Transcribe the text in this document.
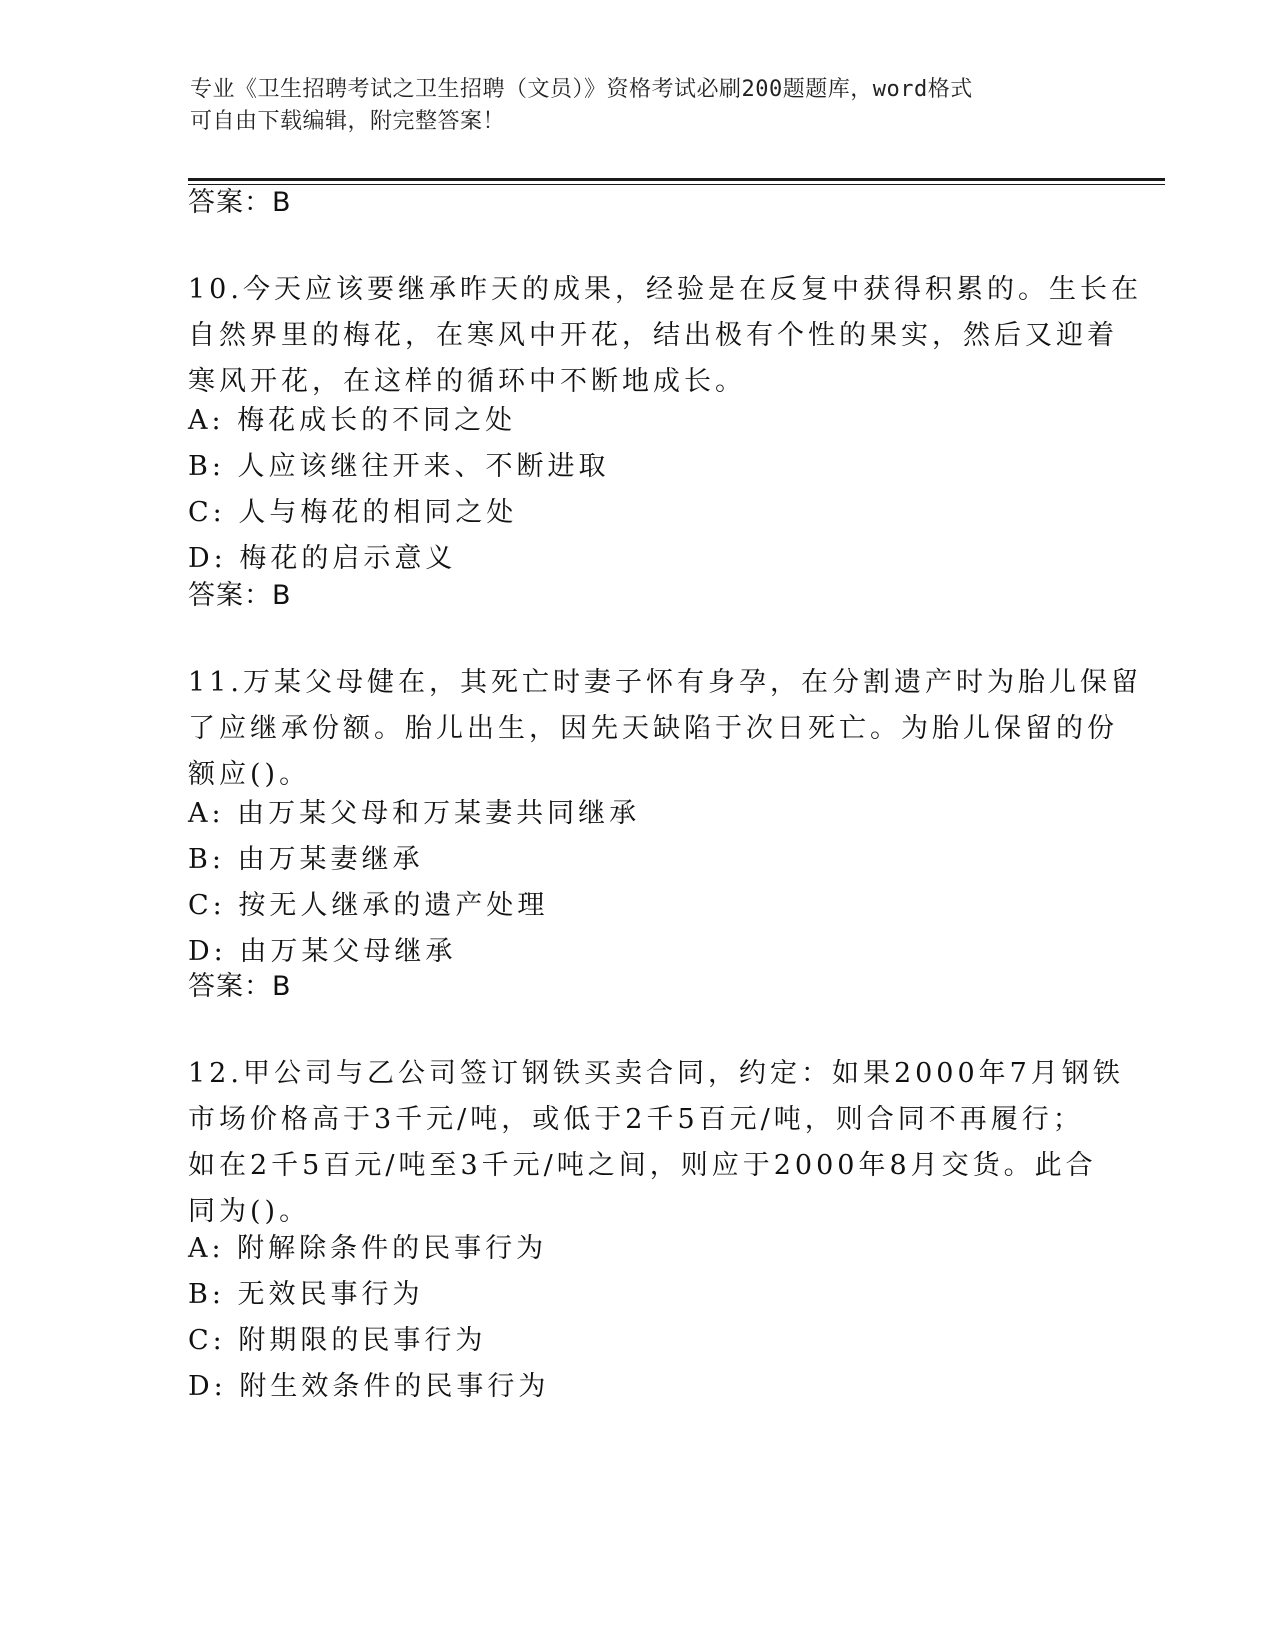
专业《卫生招聘考试之卫生招聘（文员）》资格考试必刷200题题库，word格式
可自由下载编辑，附完整答案！
答案：B
10.今天应该要继承昨天的成果，经验是在反复中获得积累的。生长在
自然界里的梅花，在寒风中开花，结出极有个性的果实，然后又迎着
寒风开花，在这样的循环中不断地成长。
A: 梅花成长的不同之处
B: 人应该继往开来、不断进取
C: 人与梅花的相同之处
D: 梅花的启示意义
答案：B
11.万某父母健在，其死亡时妻子怀有身孕，在分割遗产时为胎儿保留
了应继承份额。胎儿出生，因先天缺陷于次日死亡。为胎儿保留的份
额应()。
A: 由万某父母和万某妻共同继承
B: 由万某妻继承
C: 按无人继承的遗产处理
D: 由万某父母继承
答案：B
12.甲公司与乙公司签订钢铁买卖合同，约定：如果2000年7月钢铁
市场价格高于3千元/吨，或低于2千5百元/吨，则合同不再履行；
如在2千5百元/吨至3千元/吨之间，则应于2000年8月交货。此合
同为()。
A: 附解除条件的民事行为
B: 无效民事行为
C: 附期限的民事行为
D: 附生效条件的民事行为
